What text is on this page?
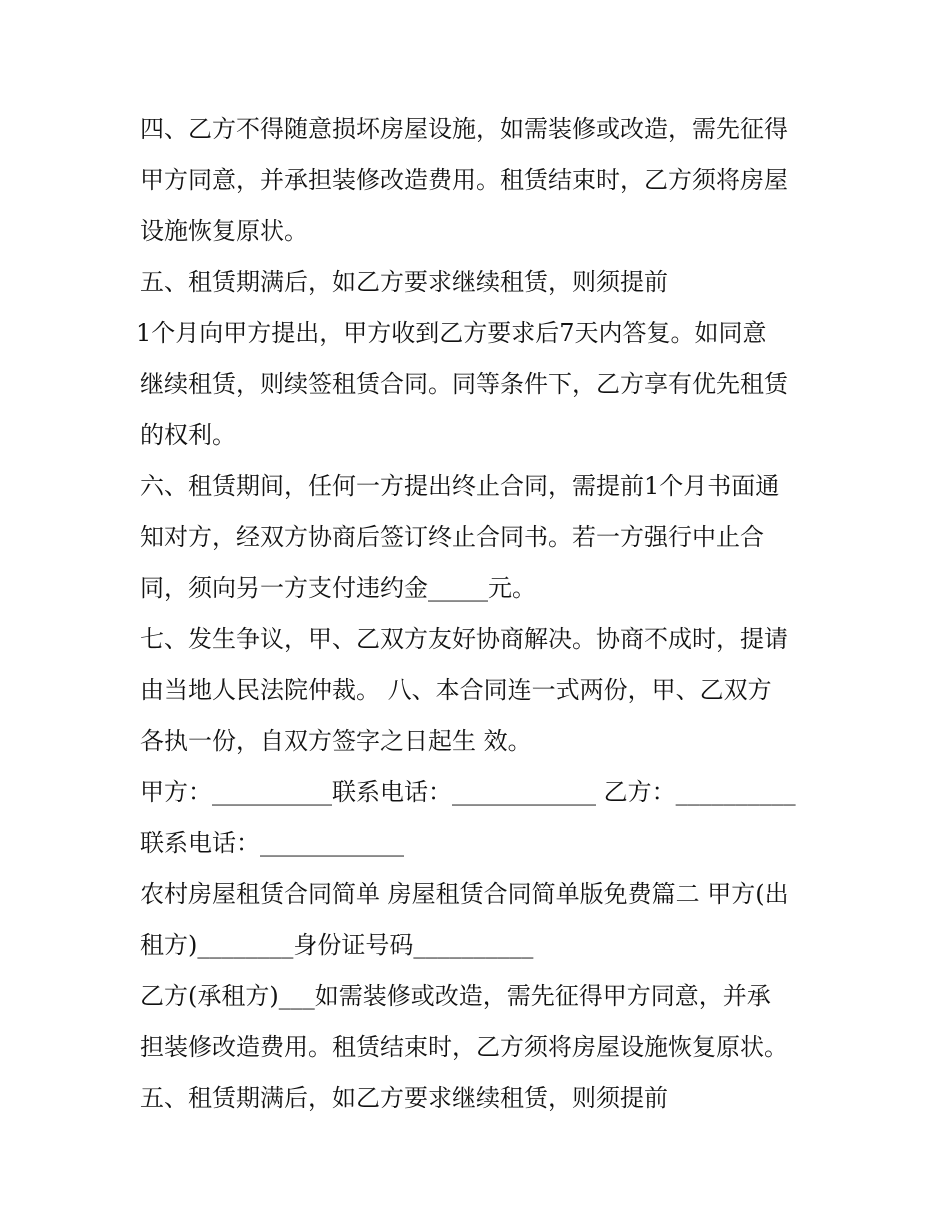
四、乙方不得随意损坏房屋设施，如需装修或改造，需先征得
甲方同意，并承担装修改造费用。租赁结束时，乙方须将房屋
设施恢复原状。
五、租赁期满后，如乙方要求继续租赁，则须提前
1个月向甲方提出，甲方收到乙方要求后7天内答复。如同意
继续租赁，则续签租赁合同。同等条件下，乙方享有优先租赁
的权利。
六、租赁期间，任何一方提出终止合同，需提前1个月书面通
知对方，经双方协商后签订终止合同书。若一方强行中止合
同，须向另一方支付违约金_____元。
七、发生争议，甲、乙双方友好协商解决。协商不成时，提请
由当地人民法院仲裁。 八、本合同连一式两份，甲、乙双方
各执一份，自双方签字之日起生 效。
甲方：__________联系电话：____________ 乙方：__________
联系电话：____________
农村房屋租赁合同简单 房屋租赁合同简单版免费篇二 甲方(出
租方)________身份证号码__________
乙方(承租方)___如需装修或改造，需先征得甲方同意，并承
担装修改造费用。租赁结束时，乙方须将房屋设施恢复原状。
五、租赁期满后，如乙方要求继续租赁，则须提前
